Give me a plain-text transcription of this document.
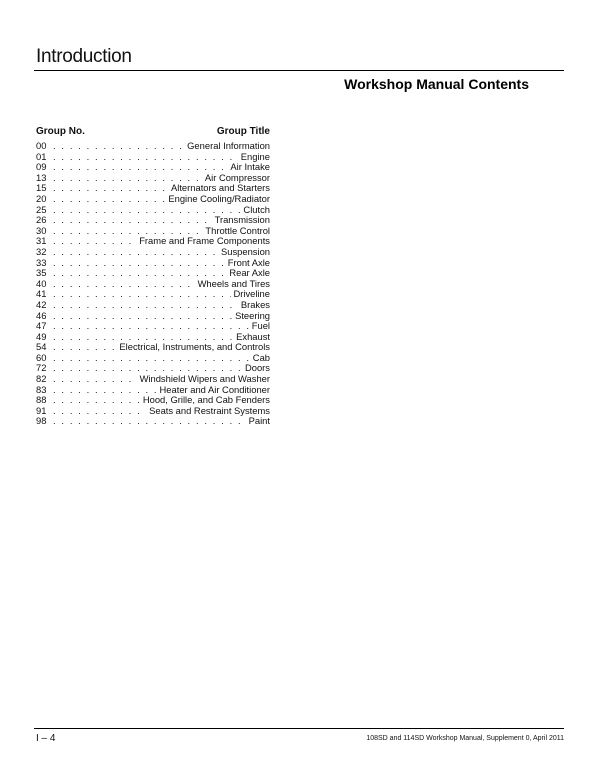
Introduction
Workshop Manual Contents
Group No.	Group Title
00 . . .	General Information
01 . . .	Engine
09 . . .	Air Intake
13 . . .	Air Compressor
15 . . .	Alternators and Starters
20 . . .	Engine Cooling/Radiator
25 . . .	Clutch
26 . . .	Transmission
30 . . .	Throttle Control
31 . . .	Frame and Frame Components
32 . . .	Suspension
33 . . .	Front Axle
35 . . .	Rear Axle
40 . . .	Wheels and Tires
41 . . .	Driveline
42 . . .	Brakes
46 . . .	Steering
47 . . .	Fuel
49 . . .	Exhaust
54 . . .	Electrical, Instruments, and Controls
60 . . .	Cab
72 . . .	Doors
82 . . .	Windshield Wipers and Washer
83 . . .	Heater and Air Conditioner
88 . . .	Hood, Grille, and Cab Fenders
91 . . .	Seats and Restraint Systems
98 . . .	Paint
I – 4	108SD and 114SD Workshop Manual, Supplement 0, April 2011
